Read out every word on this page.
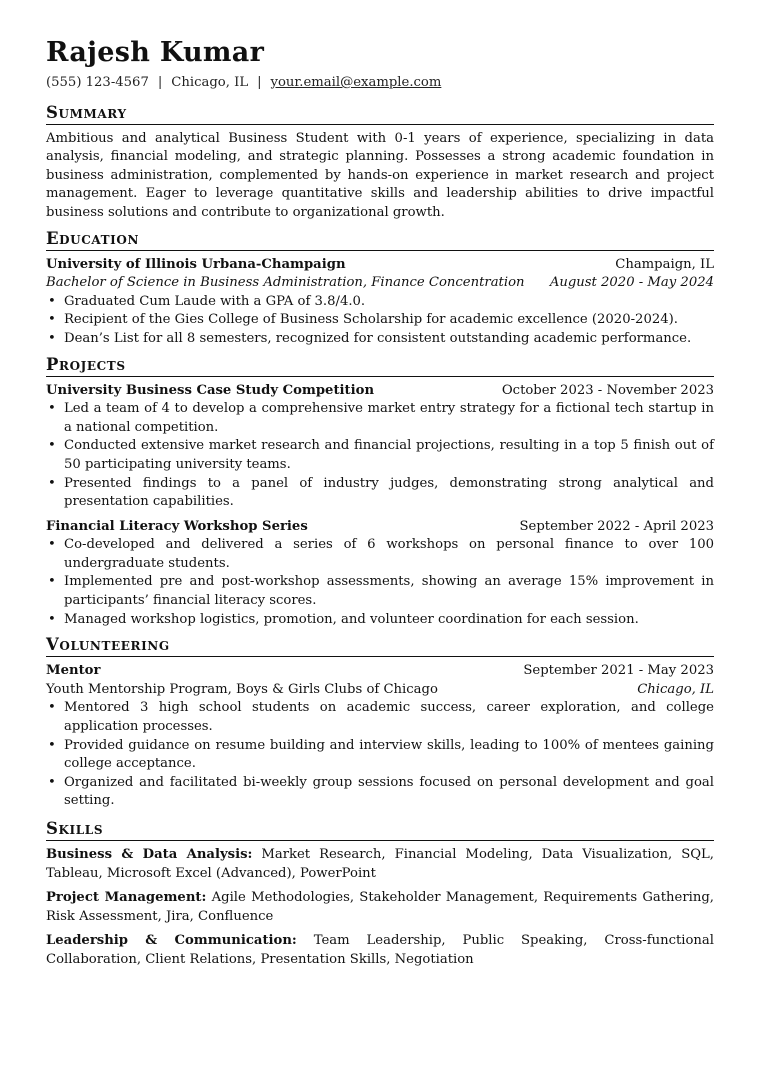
Rajesh Kumar
(555) 123-4567 | Chicago, IL | your.email@example.com
Summary

Ambitious and analytical Business Student with 0-1 years of experience, specializing in data analysis, financial modeling, and strategic planning. Possesses a strong academic foundation in business administration, complemented by hands-on experience in market research and project management. Eager to leverage quantitative skills and leadership abilities to drive impactful business solutions and contribute to organizational growth.

Education
University of Illinois Urbana-Champaign	Champaign, IL
Bachelor of Science in Business Administration, Finance Concentration August 2020 - May 2024
• Graduated Cum Laude with a GPA of 3.8/4.0.
• Recipient of the Gies College of Business Scholarship for academic excellence (2020-2024).
• Dean’s List for all 8 semesters, recognized for consistent outstanding academic performance.
Projects
University Business Case Study Competition	October 2023 - November 2023
• Led a team of 4 to develop a comprehensive market entry strategy for a fictional tech startup in a national competition.
• Conducted extensive market research and financial projections, resulting in a top 5 finish out of 50 participating university teams.
• Presented findings to a panel of industry judges, demonstrating strong analytical and presentation capabilities.
Financial Literacy Workshop Series	September 2022 - April 2023
• Co-developed and delivered a series of 6 workshops on personal finance to over 100 undergraduate students.
• Implemented pre and post-workshop assessments, showing an average 15% improvement in participants’ financial literacy scores.
• Managed workshop logistics, promotion, and volunteer coordination for each session.
Volunteering
Mentor	September 2021 - May 2023
Youth Mentorship Program, Boys & Girls Clubs of Chicago	Chicago, IL
• Mentored 3 high school students on academic success, career exploration, and college application processes.
• Provided guidance on resume building and interview skills, leading to 100% of mentees gaining college acceptance.
• Organized and facilitated bi-weekly group sessions focused on personal development and goal setting.
Skills

Business & Data Analysis: Market Research, Financial Modeling, Data Visualization, SQL, Tableau, Microsoft Excel (Advanced), PowerPoint

Project Management: Agile Methodologies, Stakeholder Management, Requirements Gathering, Risk Assessment, Jira, Confluence

Leadership & Communication: Team Leadership, Public Speaking, Cross-functional Collaboration, Client Relations, Presentation Skills, Negotiation
